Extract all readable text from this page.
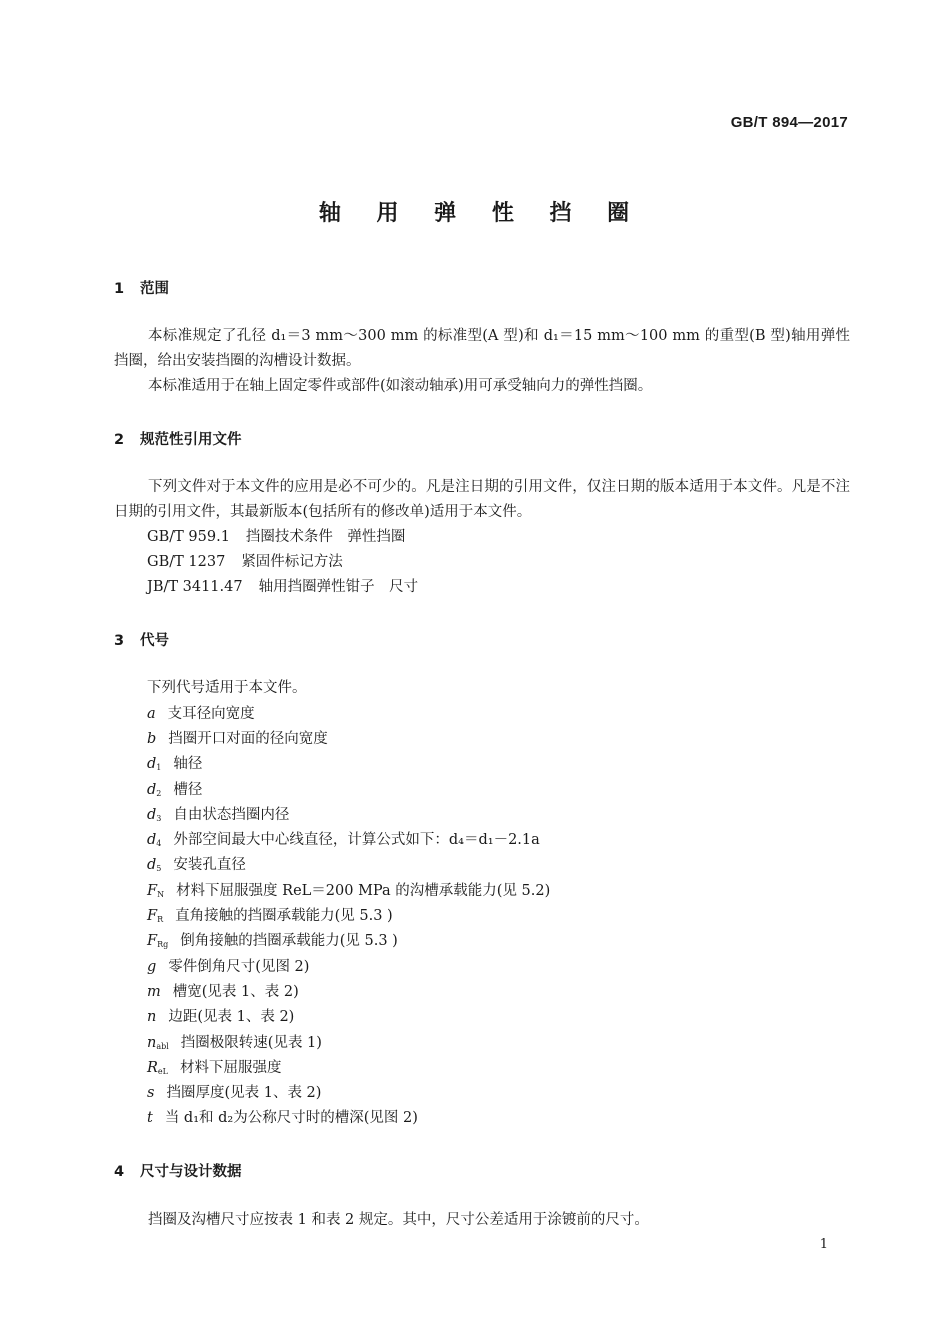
GB/T 894—2017
轴 用 弹 性 挡 圈
1 范围
本标准规定了孔径 d₁＝3 mm～300 mm 的标准型(A 型)和 d₁＝15 mm～100 mm 的重型(B 型)轴用弹性挡圈，给出安装挡圈的沟槽设计数据。
本标准适用于在轴上固定零件或部件(如滚动轴承)用可承受轴向力的弹性挡圈。
2 规范性引用文件
下列文件对于本文件的应用是必不可少的。凡是注日期的引用文件，仅注日期的版本适用于本文件。凡是不注日期的引用文件，其最新版本(包括所有的修改单)适用于本文件。
GB/T 959.1 挡圈技术条件　弹性挡圈
GB/T 1237 紧固件标记方法
JB/T 3411.47 轴用挡圈弹性钳子　尺寸
3 代号
下列代号适用于本文件。
a 支耳径向宽度
b 挡圈开口对面的径向宽度
$d_1$ 轴径
$d_2$ 槽径
$d_3$ 自由状态挡圈内径
$d_4$ 外部空间最大中心线直径，计算公式如下：d₄＝d₁－2.1a
$d_5$ 安装孔直径
$F_N$ 材料下屈服强度 ReL＝200 MPa 的沟槽承载能力(见 5.2)
$F_R$ 直角接触的挡圈承载能力(见 5.3 )
$F_{Rg}$ 倒角接触的挡圈承载能力(见 5.3 )
g 零件倒角尺寸(见图 2)
m 槽宽(见表 1、表 2)
n 边距(见表 1、表 2)
$n_{abl}$ 挡圈极限转速(见表 1)
$R_{eL}$ 材料下屈服强度
s 挡圈厚度(见表 1、表 2)
t 当 d₁和 d₂为公称尺寸时的槽深(见图 2)
4 尺寸与设计数据
挡圈及沟槽尺寸应按表 1 和表 2 规定。其中，尺寸公差适用于涂镀前的尺寸。
1
